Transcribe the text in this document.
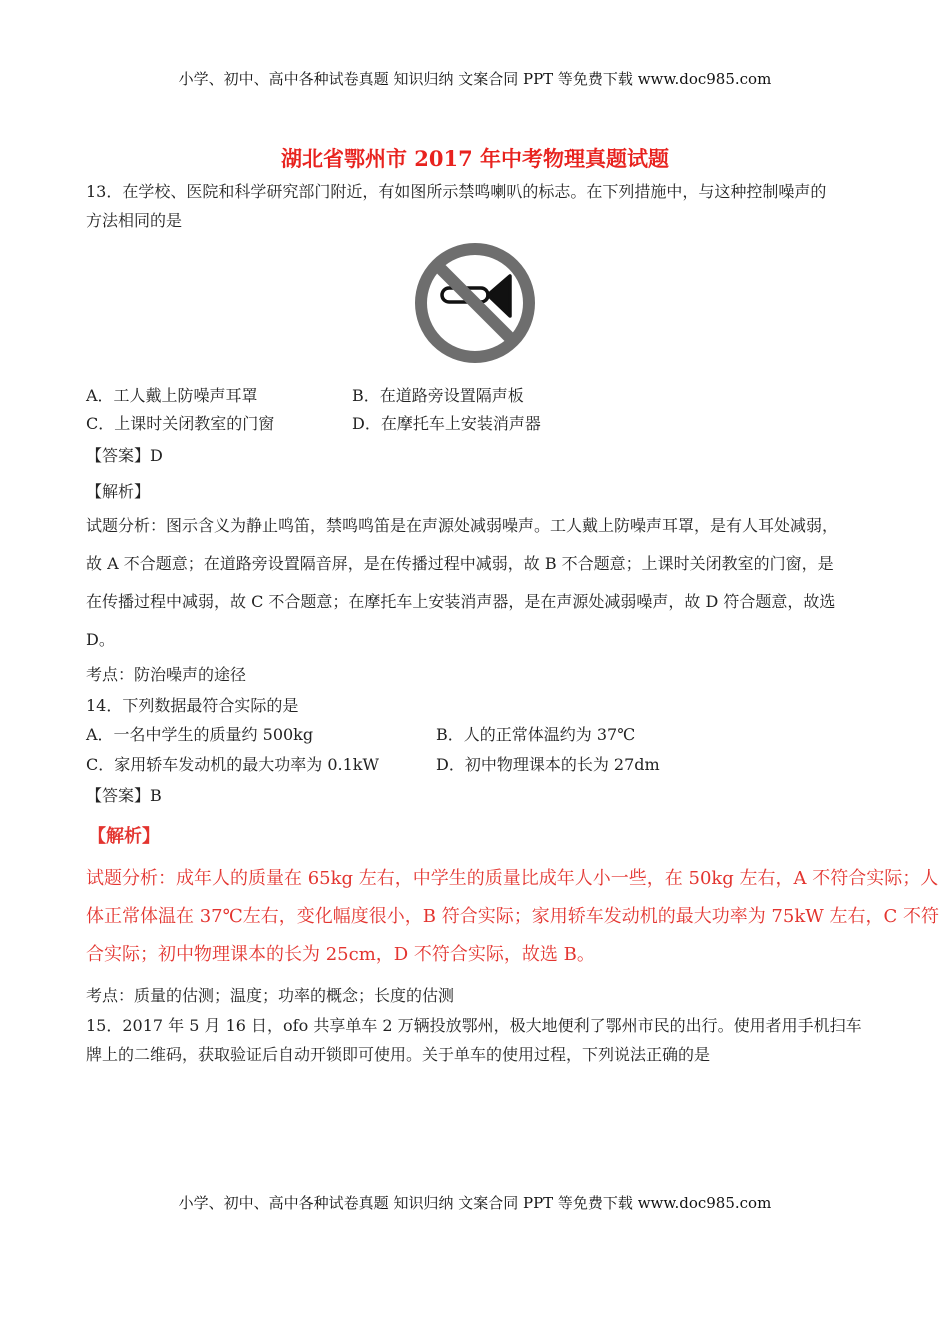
小学、初中、高中各种试卷真题 知识归纳 文案合同 PPT 等免费下载 www.doc985.com
湖北省鄂州市 2017 年中考物理真题试题
13．在学校、医院和科学研究部门附近，有如图所示禁鸣喇叭的标志。在下列措施中，与这种控制噪声的
方法相同的是
A．工人戴上防噪声耳罩	B．在道路旁设置隔声板
C．上课时关闭教室的门窗	D．在摩托车上安装消声器
【答案】D
【解析】
试题分析：图示含义为静止鸣笛，禁鸣鸣笛是在声源处减弱噪声。工人戴上防噪声耳罩，是有人耳处减弱，
故 A 不合题意；在道路旁设置隔音屏，是在传播过程中减弱，故 B 不合题意；上课时关闭教室的门窗，是
在传播过程中减弱，故 C 不合题意；在摩托车上安装消声器，是在声源处减弱噪声，故 D 符合题意，故选
D。
考点：防治噪声的途径
14．下列数据最符合实际的是
A．一名中学生的质量约 500kg	B．人的正常体温约为 37℃
C．家用轿车发动机的最大功率为 0.1kW	D．初中物理课本的长为 27dm
【答案】B
【解析】
试题分析：成年人的质量在 65kg 左右，中学生的质量比成年人小一些，在 50kg 左右，A 不符合实际；人
体正常体温在 37℃左右，变化幅度很小，B 符合实际；家用轿车发动机的最大功率为 75kW 左右，C 不符
合实际；初中物理课本的长为 25cm，D 不符合实际，故选 B。
考点：质量的估测；温度；功率的概念；长度的估测
15．2017 年 5 月 16 日，ofo 共享单车 2 万辆投放鄂州，极大地便利了鄂州市民的出行。使用者用手机扫车
牌上的二维码，获取验证后自动开锁即可使用。关于单车的使用过程，下列说法正确的是
小学、初中、高中各种试卷真题 知识归纳 文案合同 PPT 等免费下载 www.doc985.com
